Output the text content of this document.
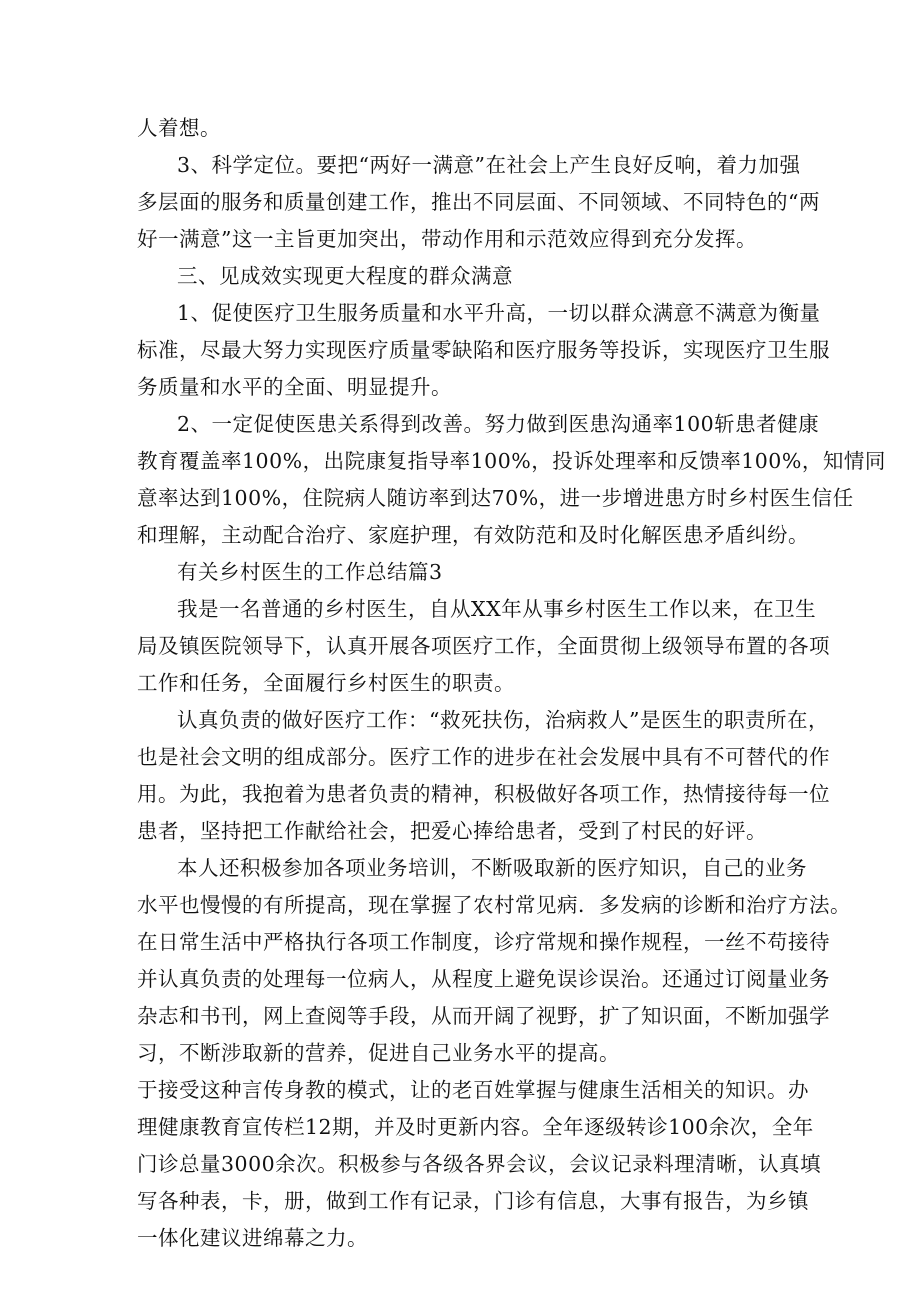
人着想。
3、科学定位。要把“两好一满意”在社会上产生良好反响，着力加强
多层面的服务和质量创建工作，推出不同层面、不同领域、不同特色的“两
好一满意”这一主旨更加突出，带动作用和示范效应得到充分发挥。
三、见成效实现更大程度的群众满意
1、促使医疗卫生服务质量和水平升高，一切以群众满意不满意为衡量
标准，尽最大努力实现医疗质量零缺陷和医疗服务等投诉，实现医疗卫生服
务质量和水平的全面、明显提升。
2、一定促使医患关系得到改善。努力做到医患沟通率100斩患者健康
教育覆盖率100%，出院康复指导率100%，投诉处理率和反馈率100%，知情同
意率达到100%，住院病人随访率到达70%，进一步增进患方时乡村医生信任
和理解，主动配合治疗、家庭护理，有效防范和及时化解医患矛盾纠纷。
有关乡村医生的工作总结篇3
我是一名普通的乡村医生，自从XX年从事乡村医生工作以来，在卫生
局及镇医院领导下，认真开展各项医疗工作，全面贯彻上级领导布置的各项
工作和任务，全面履行乡村医生的职责。
认真负责的做好医疗工作：“救死扶伤，治病救人”是医生的职责所在，
也是社会文明的组成部分。医疗工作的进步在社会发展中具有不可替代的作
用。为此，我抱着为患者负责的精神，积极做好各项工作，热情接待每一位
患者，坚持把工作献给社会，把爱心捧给患者，受到了村民的好评。
本人还积极参加各项业务培训，不断吸取新的医疗知识，自己的业务
水平也慢慢的有所提高，现在掌握了农村常见病．多发病的诊断和治疗方法。
在日常生活中严格执行各项工作制度，诊疗常规和操作规程，一丝不苟接待
并认真负责的处理每一位病人，从程度上避免误诊误治。还通过订阅量业务
杂志和书刊，网上查阅等手段，从而开阔了视野，扩了知识面，不断加强学
习，不断涉取新的营养，促进自己业务水平的提高。
于接受这种言传身教的模式，让的老百姓掌握与健康生活相关的知识。办
理健康教育宣传栏12期，并及时更新内容。全年逐级转诊100余次，全年
门诊总量3000余次。积极参与各级各界会议，会议记录料理清晰，认真填
写各种表，卡，册，做到工作有记录，门诊有信息，大事有报告，为乡镇
一体化建议进绵幕之力。
